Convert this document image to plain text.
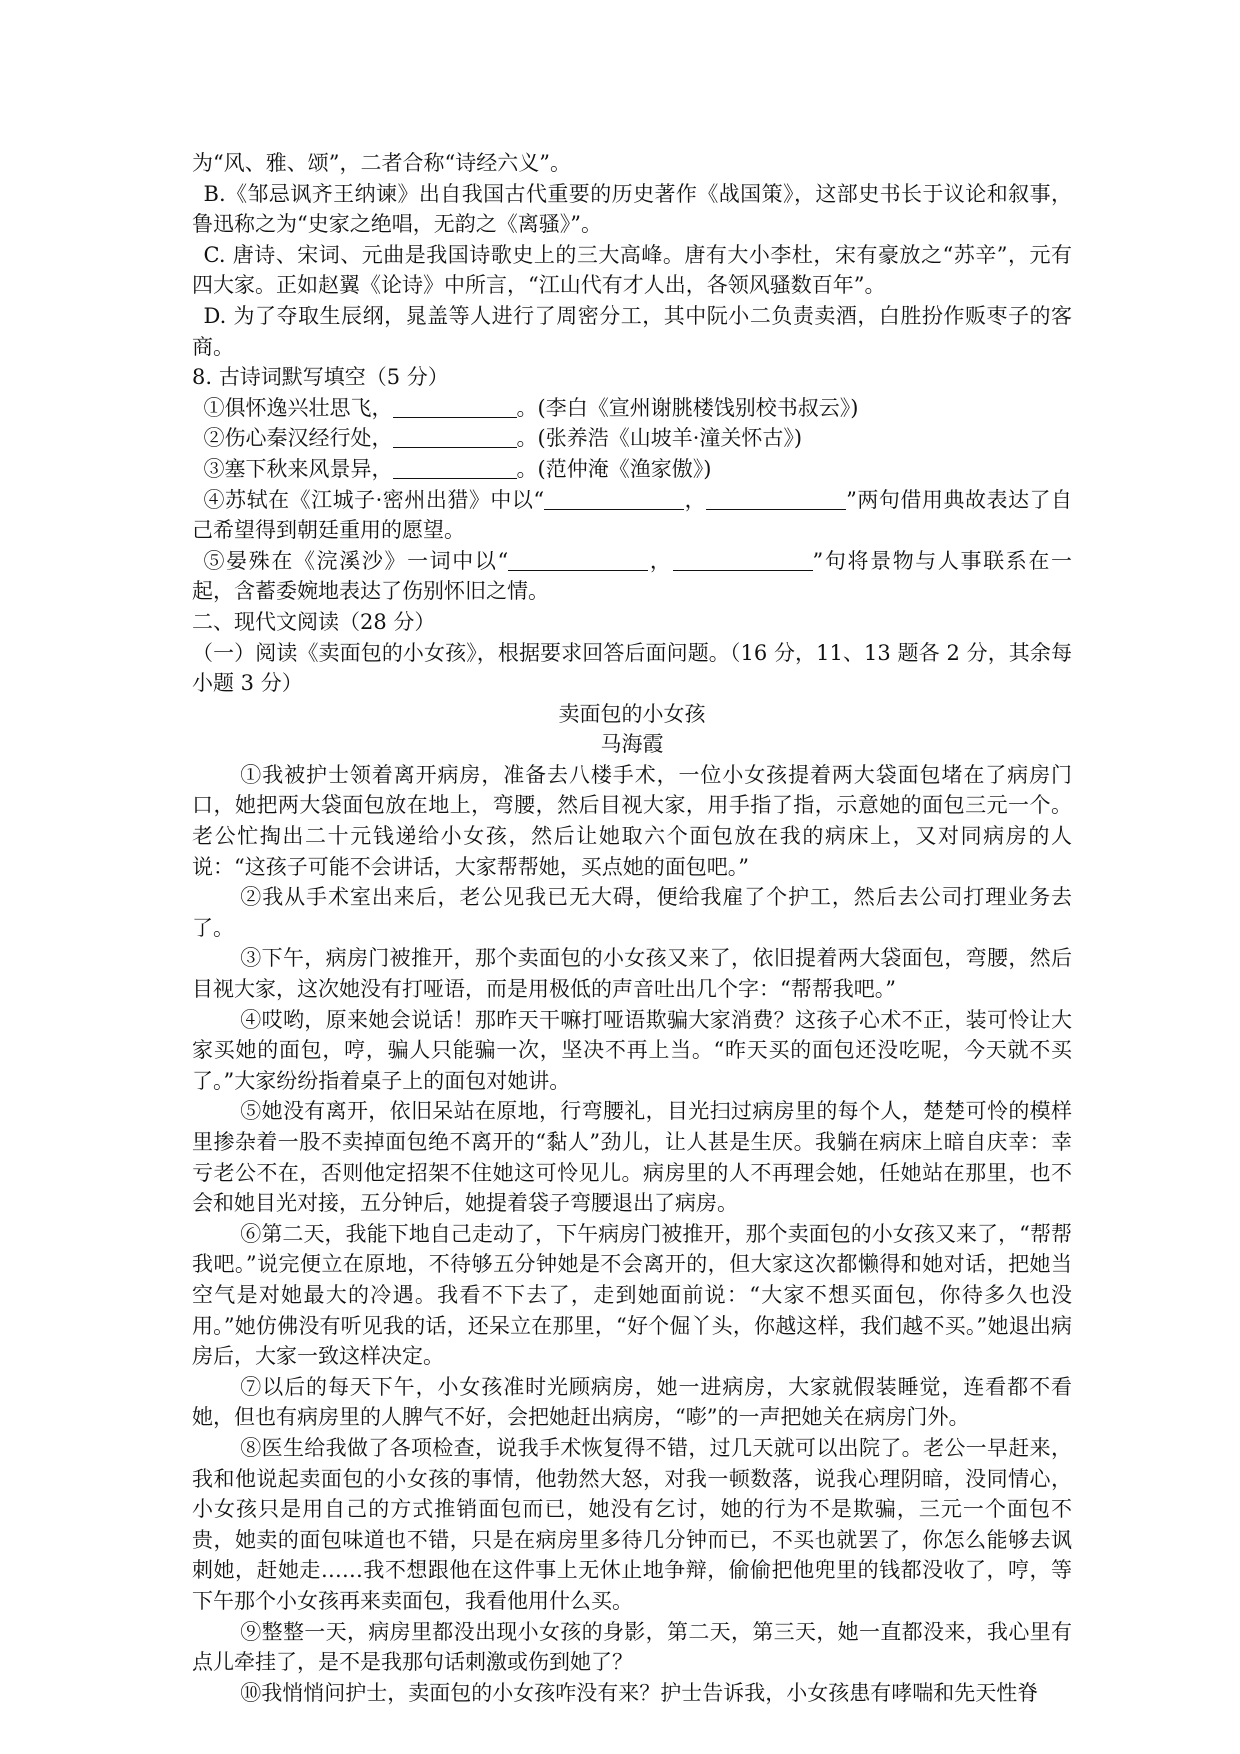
为“风、雅、颂”，二者合称“诗经六义”。

B.《邹忌讽齐王纳谏》出自我国古代重要的历史著作《战国策》，这部史书长于议论和叙事，鲁迅称之为“史家之绝唱，无韵之《离骚》”。

C. 唐诗、宋词、元曲是我国诗歌史上的三大高峰。唐有大小李杜，宋有豪放之“苏辛”，元有四大家。正如赵翼《论诗》中所言，“江山代有才人出，各领风骚数百年”。

D. 为了夺取生辰纲，晁盖等人进行了周密分工，其中阮小二负责卖酒，白胜扮作贩枣子的客商。

8. 古诗词默写填空（5 分）

①俱怀逸兴壮思飞，	。(李白《宣州谢朓楼饯别校书叔云》)

②伤心秦汉经行处，	。(张养浩《山坡羊·潼关怀古》)

③塞下秋来风景异，	。(范仲淹《渔家傲》)

④苏轼在《江城子·密州出猎》中以“	，	”两句借用典故表达了自己希望得到朝廷重用的愿望。

⑤晏殊在《浣溪沙》一词中以“	，	”句将景物与人事联系在一起，含蓄委婉地表达了伤别怀旧之情。

二、现代文阅读（28 分）

（一）阅读《卖面包的小女孩》，根据要求回答后面问题。（16 分，11、13 题各 2 分，其余每小题 3 分）

卖面包的小女孩

马海霞

①我被护士领着离开病房，准备去八楼手术，一位小女孩提着两大袋面包堵在了病房门口，她把两大袋面包放在地上，弯腰，然后目视大家，用手指了指，示意她的面包三元一个。老公忙掏出二十元钱递给小女孩，然后让她取六个面包放在我的病床上，又对同病房的人说：“这孩子可能不会讲话，大家帮帮她，买点她的面包吧。”

②我从手术室出来后，老公见我已无大碍，便给我雇了个护工，然后去公司打理业务去了。

③下午，病房门被推开，那个卖面包的小女孩又来了，依旧提着两大袋面包，弯腰，然后目视大家，这次她没有打哑语，而是用极低的声音吐出几个字：“帮帮我吧。”

④哎哟，原来她会说话！那昨天干嘛打哑语欺骗大家消费？这孩子心术不正，装可怜让大家买她的面包，哼，骗人只能骗一次，坚决不再上当。“昨天买的面包还没吃呢，今天就不买了。”大家纷纷指着桌子上的面包对她讲。

⑤她没有离开，依旧呆站在原地，行弯腰礼，目光扫过病房里的每个人，楚楚可怜的模样里掺杂着一股不卖掉面包绝不离开的“黏人”劲儿，让人甚是生厌。我躺在病床上暗自庆幸：幸亏老公不在，否则他定招架不住她这可怜见儿。病房里的人不再理会她，任她站在那里，也不会和她目光对接，五分钟后，她提着袋子弯腰退出了病房。

⑥第二天，我能下地自己走动了，下午病房门被推开，那个卖面包的小女孩又来了，“帮帮我吧。”说完便立在原地，不待够五分钟她是不会离开的，但大家这次都懒得和她对话，把她当空气是对她最大的冷遇。我看不下去了，走到她面前说：“大家不想买面包，你待多久也没用。”她仿佛没有听见我的话，还呆立在那里，“好个倔丫头，你越这样，我们越不买。”她退出病房后，大家一致这样决定。

⑦以后的每天下午，小女孩准时光顾病房，她一进病房，大家就假装睡觉，连看都不看她，但也有病房里的人脾气不好，会把她赶出病房，“嘭”的一声把她关在病房门外。

⑧医生给我做了各项检查，说我手术恢复得不错，过几天就可以出院了。老公一早赶来，我和他说起卖面包的小女孩的事情，他勃然大怒，对我一顿数落，说我心理阴暗，没同情心，小女孩只是用自己的方式推销面包而已，她没有乞讨，她的行为不是欺骗，三元一个面包不贵，她卖的面包味道也不错，只是在病房里多待几分钟而已，不买也就罢了，你怎么能够去讽刺她，赶她走……我不想跟他在这件事上无休止地争辩，偷偷把他兜里的钱都没收了，哼，等下午那个小女孩再来卖面包，我看他用什么买。

⑨整整一天，病房里都没出现小女孩的身影，第二天，第三天，她一直都没来，我心里有点儿牵挂了，是不是我那句话刺激或伤到她了？

⑩我悄悄问护士，卖面包的小女孩咋没有来？护士告诉我，小女孩患有哮喘和先天性脊
